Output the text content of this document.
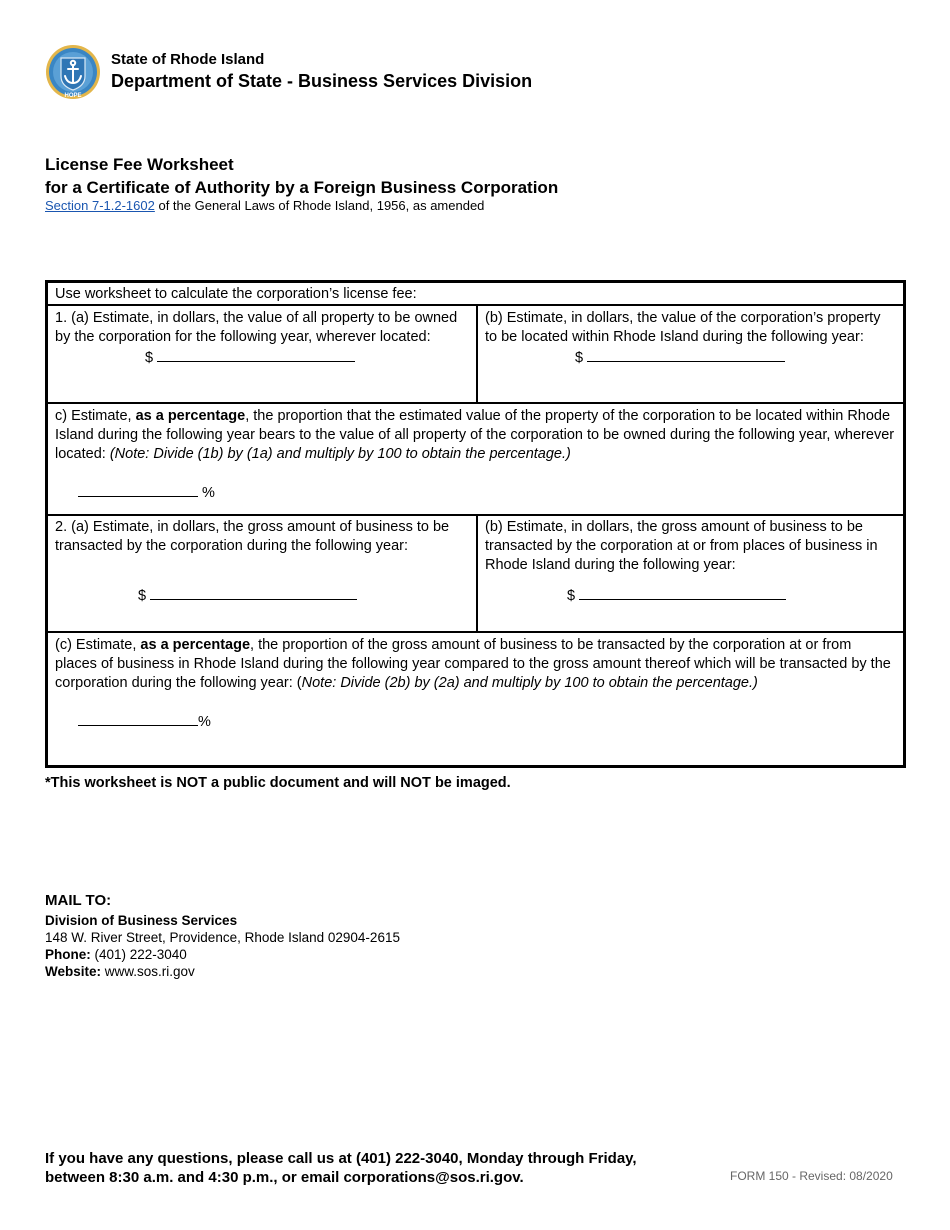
HOPE
State of Rhode Island
Department of State - Business Services Division
License Fee Worksheet
for a Certificate of Authority by a Foreign Business Corporation
Section 7-1.2-1602 of the General Laws of Rhode Island, 1956, as amended
Use worksheet to calculate the corporation’s license fee:
1. (a) Estimate, in dollars, the value of all property to be owned by the corporation for the following year, wherever located:
$
(b) Estimate, in dollars, the value of the corporation’s property to be located within Rhode Island during the following year:
$
c) Estimate, as a percentage, the proportion that the estimated value of the property of the corporation to be located within Rhode Island during the following year bears to the value of all property of the corporation to be owned during the following year, wherever located: (Note: Divide (1b) by (1a) and multiply by 100 to obtain the percentage.)
%
2. (a) Estimate, in dollars, the gross amount of business to be transacted by the corporation during the following year:
$
(b) Estimate, in dollars, the gross amount of business to be transacted by the corporation at or from places of business in Rhode Island during the following year:
$
(c) Estimate, as a percentage, the proportion of the gross amount of business to be transacted by the corporation at or from places of business in Rhode Island during the following year compared to the gross amount thereof which will be transacted by the corporation during the following year: (Note: Divide (2b) by (2a) and multiply by 100 to obtain the percentage.)
%
*This worksheet is NOT a public document and will NOT be imaged.
MAIL TO:
Division of Business Services
148 W. River Street, Providence, Rhode Island 02904-2615
Phone: (401) 222-3040
Website: www.sos.ri.gov
If you have any questions, please call us at (401) 222-3040, Monday through Friday,
between 8:30 a.m. and 4:30 p.m., or email corporations@sos.ri.gov.	FORM 150 - Revised: 08/2020
